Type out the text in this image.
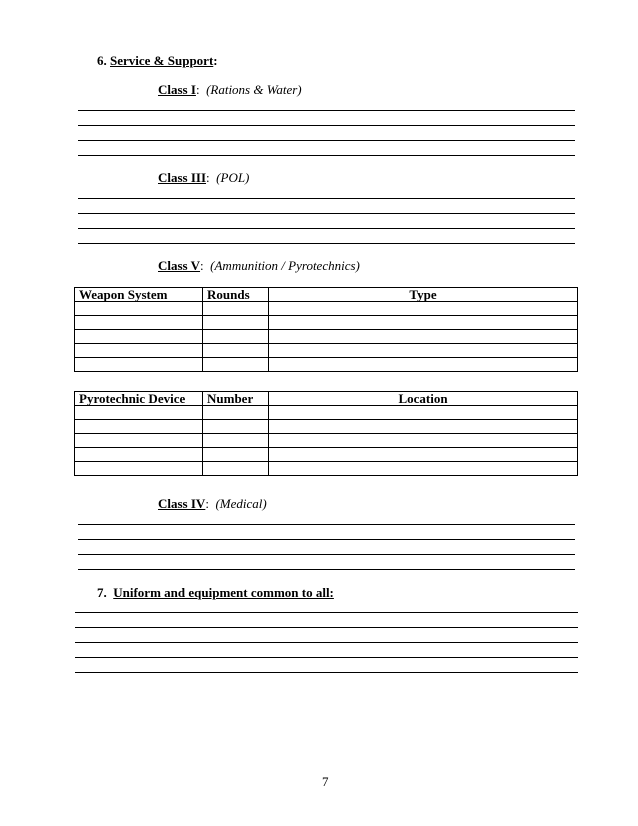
6. Service & Support:
Class I: (Rations & Water)
Class III: (POL)
Class V: (Ammunition / Pyrotechnics)
Weapon System	Rounds	Type

Pyrotechnic Device	Number	Location

Class IV: (Medical)
7. Uniform and equipment common to all:
7
